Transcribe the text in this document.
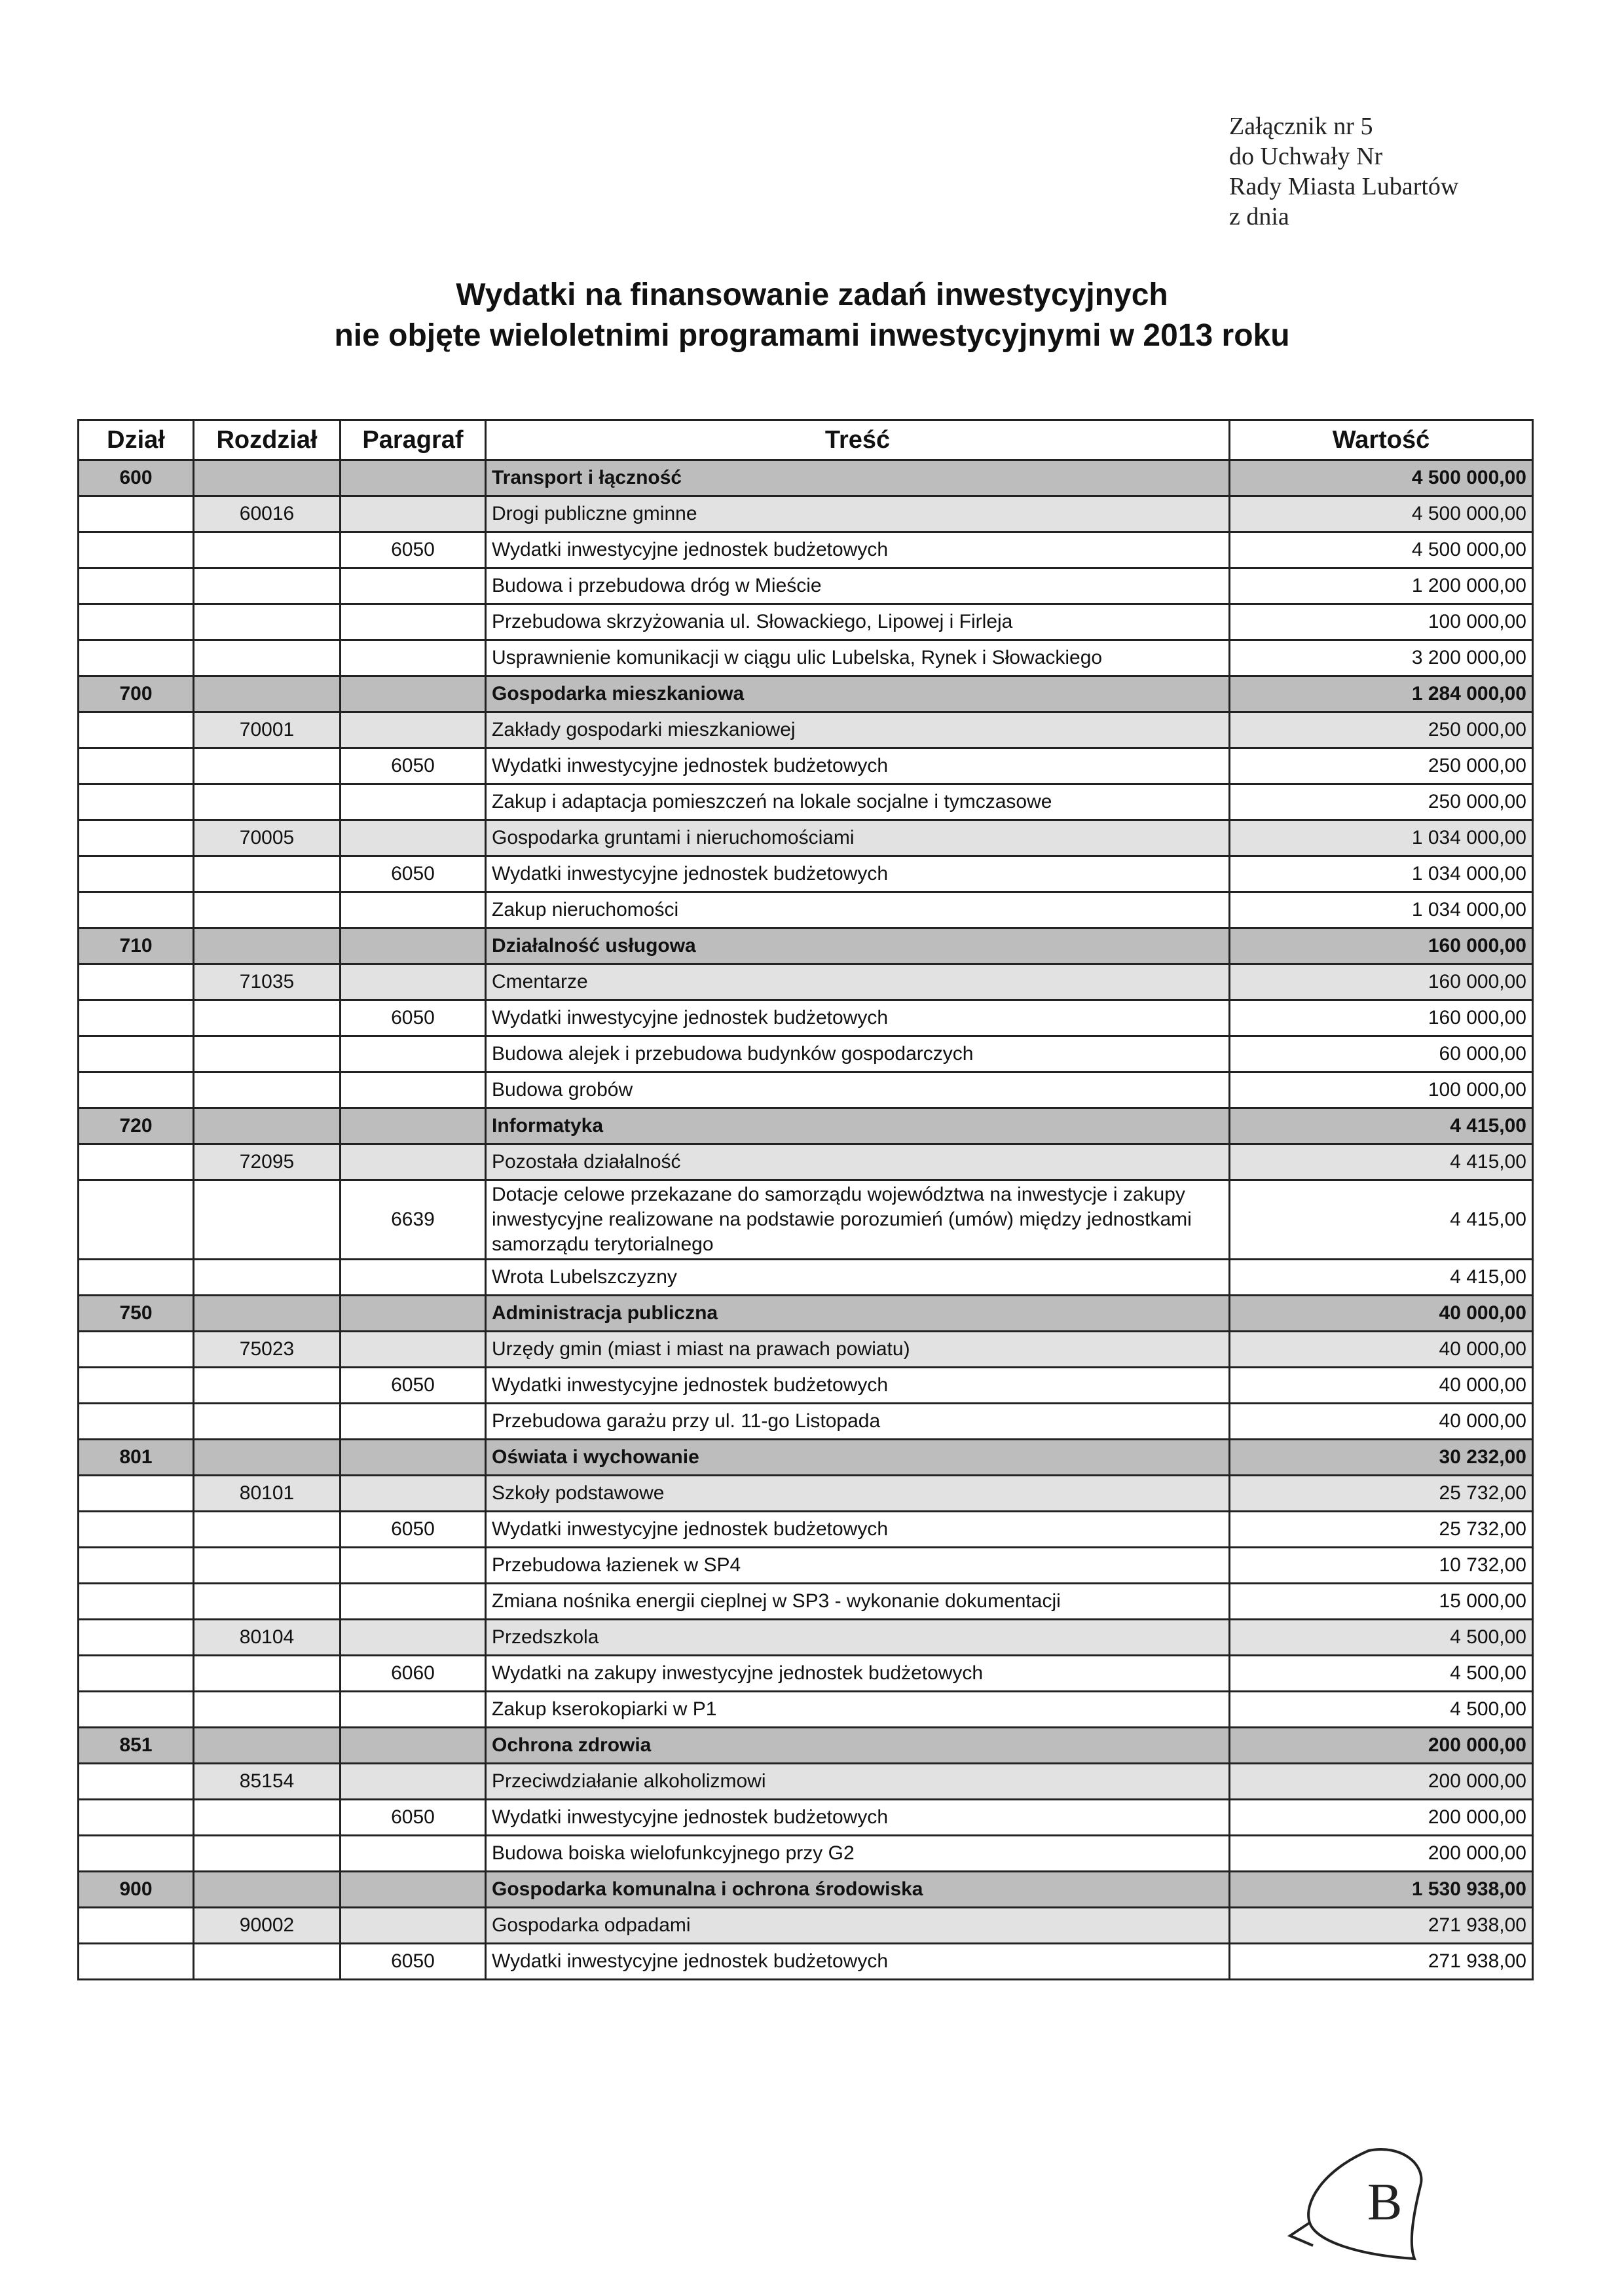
Załącznik nr 5
do Uchwały Nr
Rady Miasta Lubartów
z dnia
Wydatki na finansowanie zadań inwestycyjnych
nie objęte wieloletnimi programami inwestycyjnymi w 2013 roku
Dział	Rozdział	Paragraf	Treść	Wartość
600			Transport i łączność	4 500 000,00
	60016		Drogi publiczne gminne	4 500 000,00
		6050	Wydatki inwestycyjne jednostek budżetowych	4 500 000,00
			Budowa i przebudowa dróg w Mieście	1 200 000,00
			Przebudowa skrzyżowania ul. Słowackiego, Lipowej i Firleja	100 000,00
			Usprawnienie komunikacji w ciągu ulic Lubelska, Rynek i Słowackiego	3 200 000,00
700			Gospodarka mieszkaniowa	1 284 000,00
	70001		Zakłady gospodarki mieszkaniowej	250 000,00
		6050	Wydatki inwestycyjne jednostek budżetowych	250 000,00
			Zakup i adaptacja pomieszczeń na lokale socjalne i tymczasowe	250 000,00
	70005		Gospodarka gruntami i nieruchomościami	1 034 000,00
		6050	Wydatki inwestycyjne jednostek budżetowych	1 034 000,00
			Zakup nieruchomości	1 034 000,00
710			Działalność usługowa	160 000,00
	71035		Cmentarze	160 000,00
		6050	Wydatki inwestycyjne jednostek budżetowych	160 000,00
			Budowa alejek i przebudowa budynków gospodarczych	60 000,00
			Budowa grobów	100 000,00
720			Informatyka	4 415,00
	72095		Pozostała działalność	4 415,00
		6639	Dotacje celowe przekazane do samorządu województwa na inwestycje i zakupy inwestycyjne realizowane na podstawie porozumień (umów) między jednostkami samorządu terytorialnego	4 415,00
			Wrota Lubelszczyzny	4 415,00
750			Administracja publiczna	40 000,00
	75023		Urzędy gmin (miast i miast na prawach powiatu)	40 000,00
		6050	Wydatki inwestycyjne jednostek budżetowych	40 000,00
			Przebudowa garażu przy ul. 11-go Listopada	40 000,00
801			Oświata i wychowanie	30 232,00
	80101		Szkoły podstawowe	25 732,00
		6050	Wydatki inwestycyjne jednostek budżetowych	25 732,00
			Przebudowa łazienek w SP4	10 732,00
			Zmiana nośnika energii cieplnej w SP3 - wykonanie dokumentacji	15 000,00
	80104		Przedszkola	4 500,00
		6060	Wydatki na zakupy inwestycyjne jednostek budżetowych	4 500,00
			Zakup kserokopiarki w P1	4 500,00
851			Ochrona zdrowia	200 000,00
	85154		Przeciwdziałanie alkoholizmowi	200 000,00
		6050	Wydatki inwestycyjne jednostek budżetowych	200 000,00
			Budowa boiska wielofunkcyjnego przy G2	200 000,00
900			Gospodarka komunalna i ochrona środowiska	1 530 938,00
	90002		Gospodarka odpadami	271 938,00
		6050	Wydatki inwestycyjne jednostek budżetowych	271 938,00
B
